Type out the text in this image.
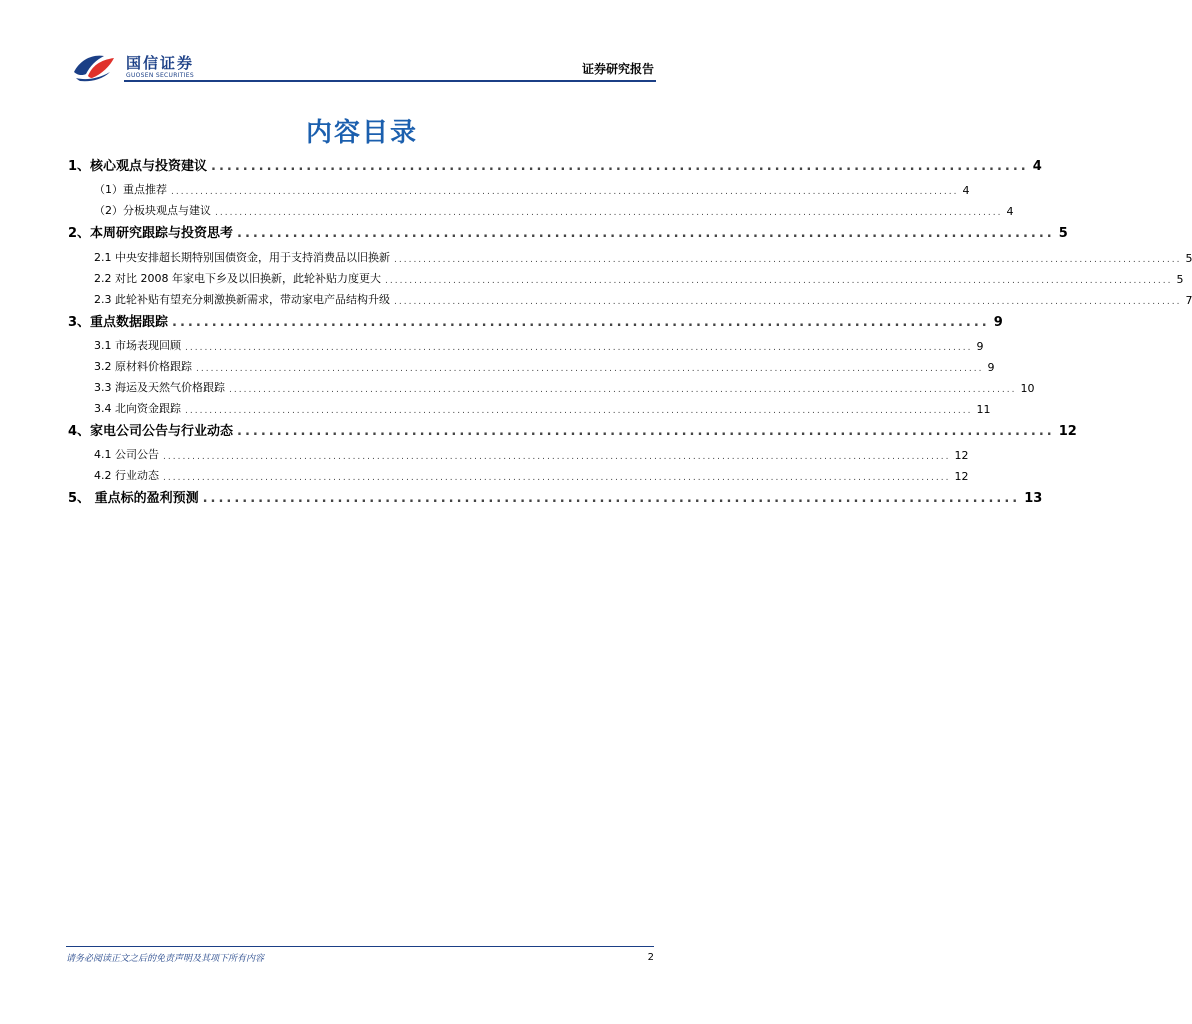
国信证券
GUOSEN SECURITIES	证券研究报告
内容目录
1、核心观点与投资建议 ....................................................................................................... 4
（1）重点推荐 .................................................................................................................................................................. 4
（2）分板块观点与建议 .................................................................................................................................................................. 4
2、本周研究跟踪与投资思考 ....................................................................................................... 5
2.1 中央安排超长期特别国债资金，用于支持消费品以旧换新 .................................................................................................................................................................. 5
2.2 对比 2008 年家电下乡及以旧换新，此轮补贴力度更大 .................................................................................................................................................................. 5
2.3 此轮补贴有望充分刺激换新需求，带动家电产品结构升级 .................................................................................................................................................................. 7
3、重点数据跟踪 ....................................................................................................... 9
3.1 市场表现回顾 .................................................................................................................................................................. 9
3.2 原材料价格跟踪 .................................................................................................................................................................. 9
3.3 海运及天然气价格跟踪 .................................................................................................................................................................. 10
3.4 北向资金跟踪 .................................................................................................................................................................. 11
4、家电公司公告与行业动态 ....................................................................................................... 12
4.1 公司公告 .................................................................................................................................................................. 12
4.2 行业动态 .................................................................................................................................................................. 12
5、 重点标的盈利预测 ....................................................................................................... 13
请务必阅读正文之后的免责声明及其项下所有内容	2
